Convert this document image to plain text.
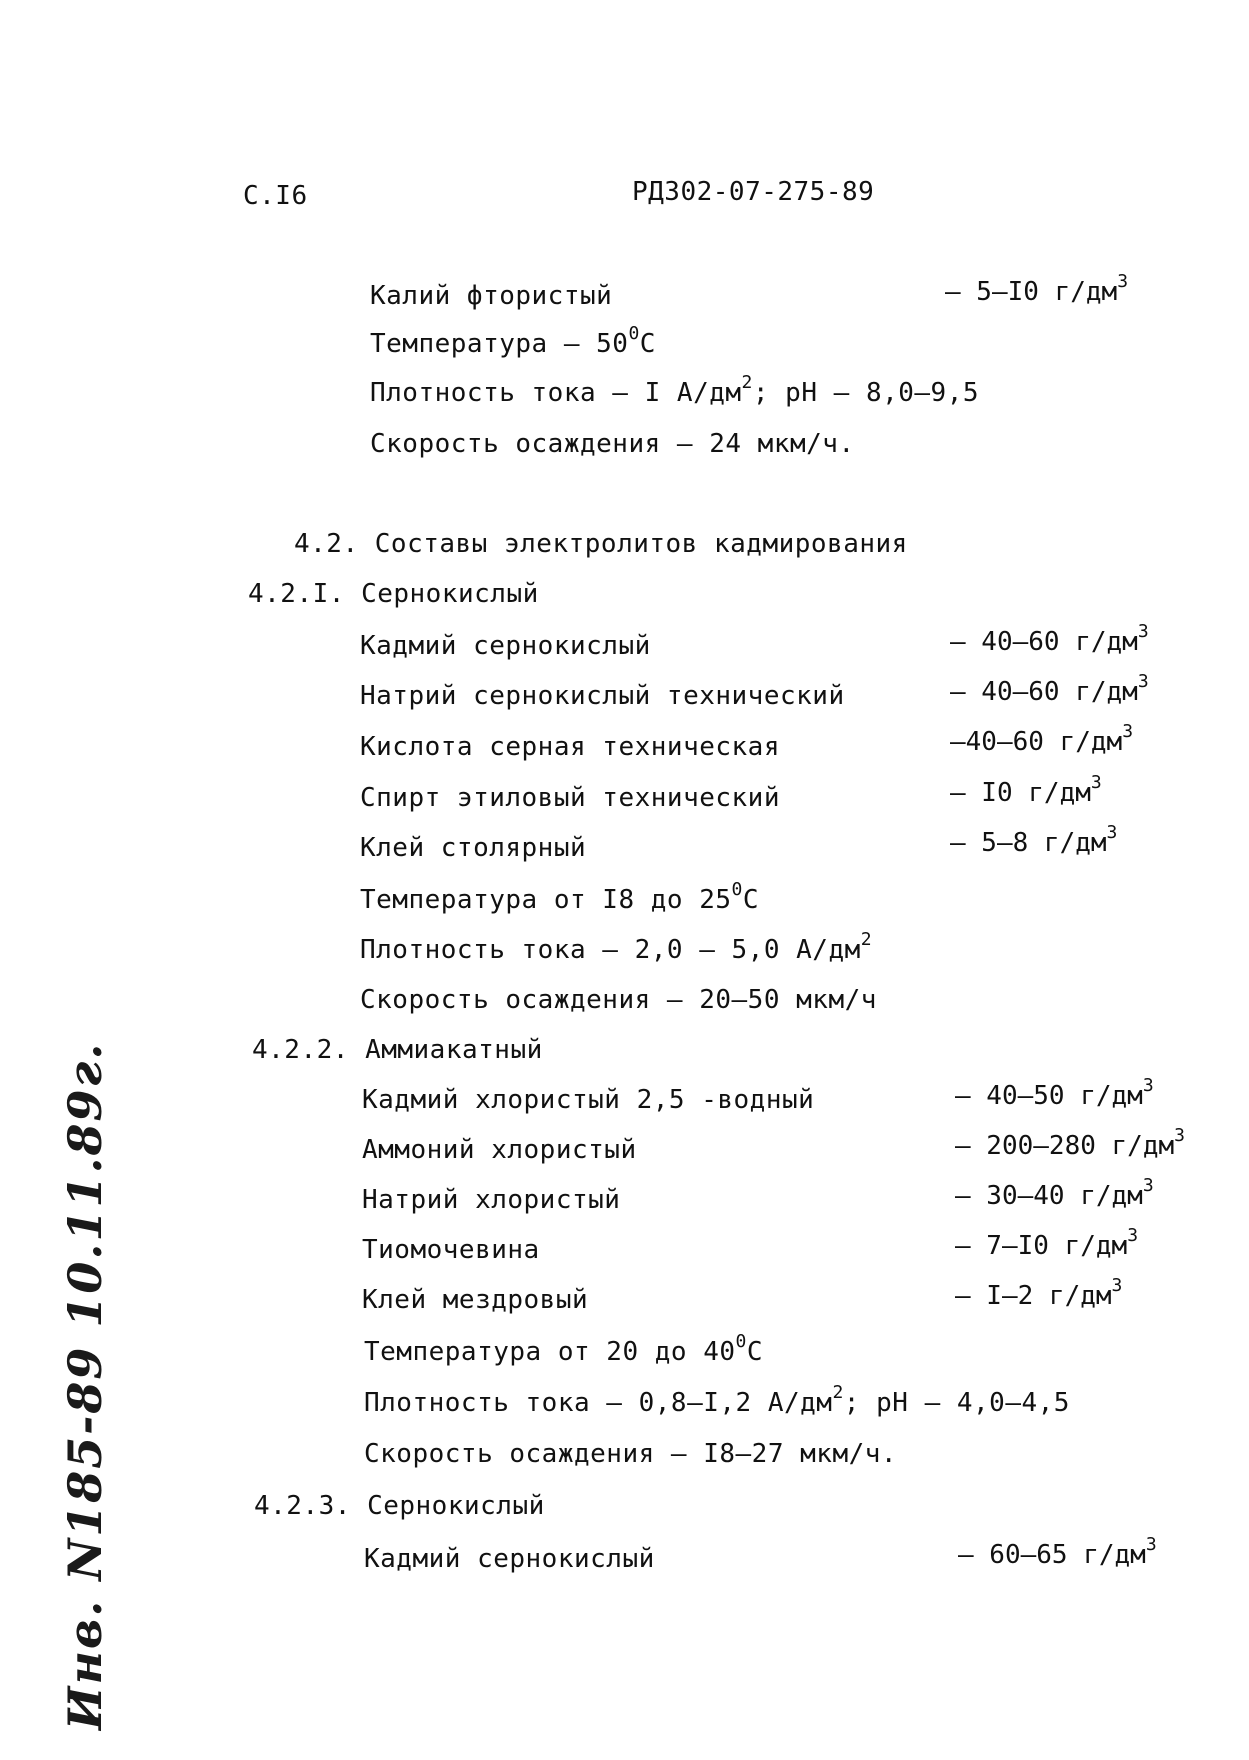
С.I6	РД302-07-275-89
Калий фтористый	– 5–I0 $г/дм^3$
Температура – $50^0С$
Плотность тока – I $А/дм^2$; рН – 8,0–9,5
Скорость осаждения – 24 мкм/ч.
4.2. Составы электролитов кадмирования
4.2.I. Сернокислый
Кадмий сернокислый	– 40–60 $г/дм^3$
Натрий сернокислый технический	– 40–60 $г/дм^3$
Кислота серная техническая	–40–60 $г/дм^3$
Спирт этиловый технический	– I0 $г/дм^3$
Клей столярный	– 5–8 $г/дм^3$
Температура от I8 до $25^0С$
Плотность тока – 2,0 – 5,0 $А/дм^2$
Скорость осаждения – 20–50 мкм/ч
4.2.2. Аммиакатный
Кадмий хлористый 2,5 -водный	– 40–50 $г/дм^3$
Аммоний хлористый	– 200–280 $г/дм^3$
Натрий хлористый	– 30–40 $г/дм^3$
Тиомочевина	– 7–I0 $г/дм^3$
Клей мездровый	– I–2 $г/дм^3$
Температура от 20 до $40^0С$
Плотность тока – 0,8–I,2 $А/дм^2$; рН – 4,0–4,5
Скорость осаждения – I8–27 мкм/ч.
4.2.3. Сернокислый
Кадмий сернокислый	– 60–65 $г/дм^3$
Инв. N185-89 10.11.89г.
